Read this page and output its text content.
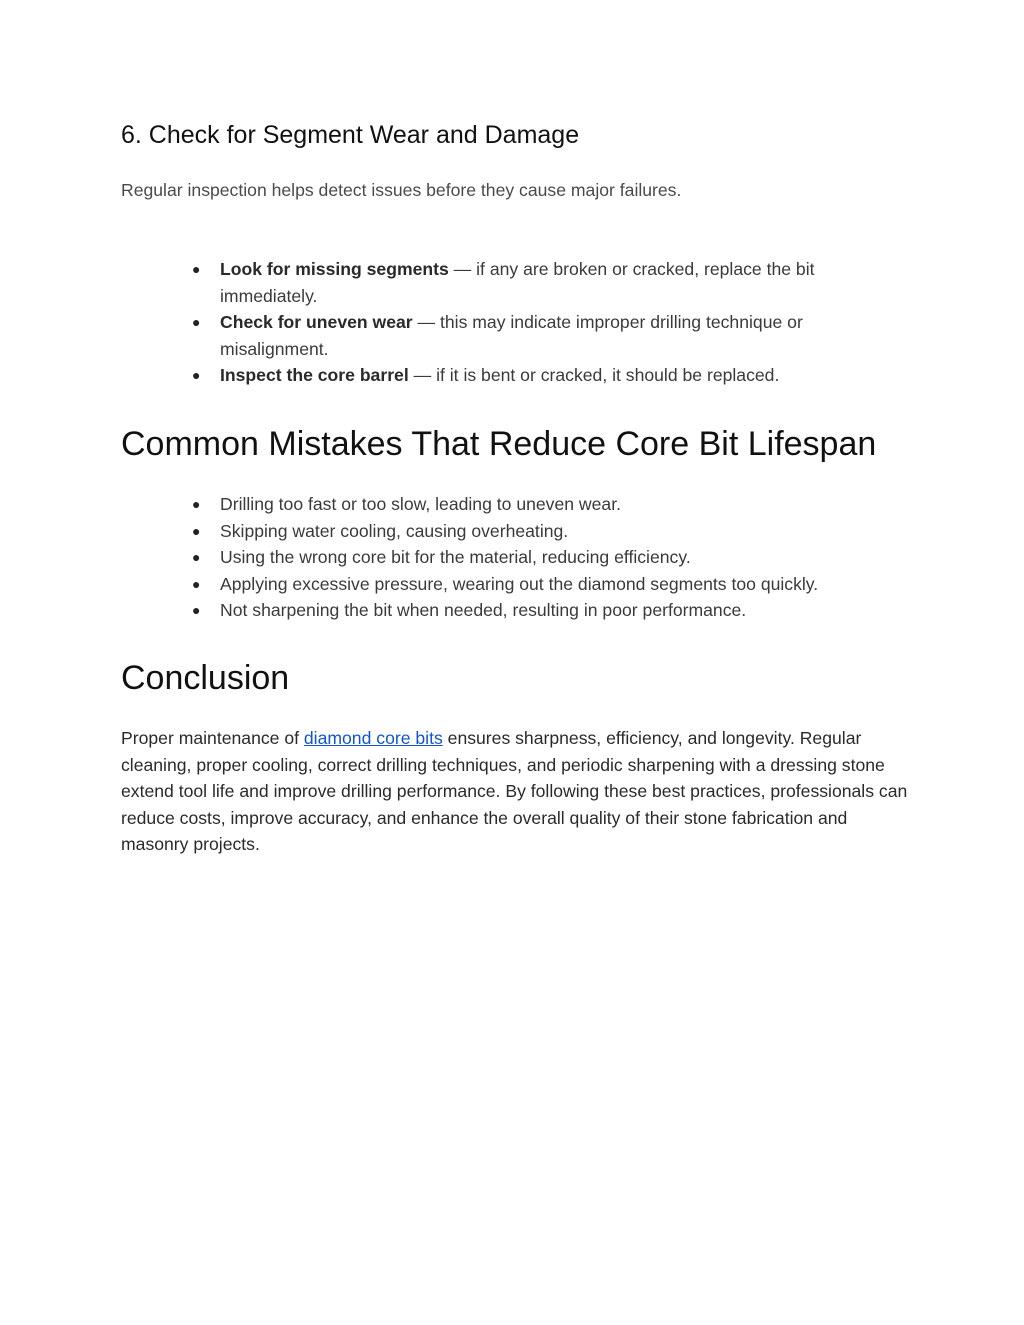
6. Check for Segment Wear and Damage

Regular inspection helps detect issues before they cause major failures.

● Look for missing segments — if any are broken or cracked, replace the bit immediately.
● Check for uneven wear — this may indicate improper drilling technique or misalignment.
● Inspect the core barrel — if it is bent or cracked, it should be replaced.
Common Mistakes That Reduce Core Bit Lifespan
● Drilling too fast or too slow, leading to uneven wear.
● Skipping water cooling, causing overheating.
● Using the wrong core bit for the material, reducing efficiency.
● Applying excessive pressure, wearing out the diamond segments too quickly.
● Not sharpening the bit when needed, resulting in poor performance.
Conclusion

Proper maintenance of diamond core bits ensures sharpness, efficiency, and longevity. Regular cleaning, proper cooling, correct drilling techniques, and periodic sharpening with a dressing stone extend tool life and improve drilling performance. By following these best practices, professionals can reduce costs, improve accuracy, and enhance the overall quality of their stone fabrication and masonry projects.
